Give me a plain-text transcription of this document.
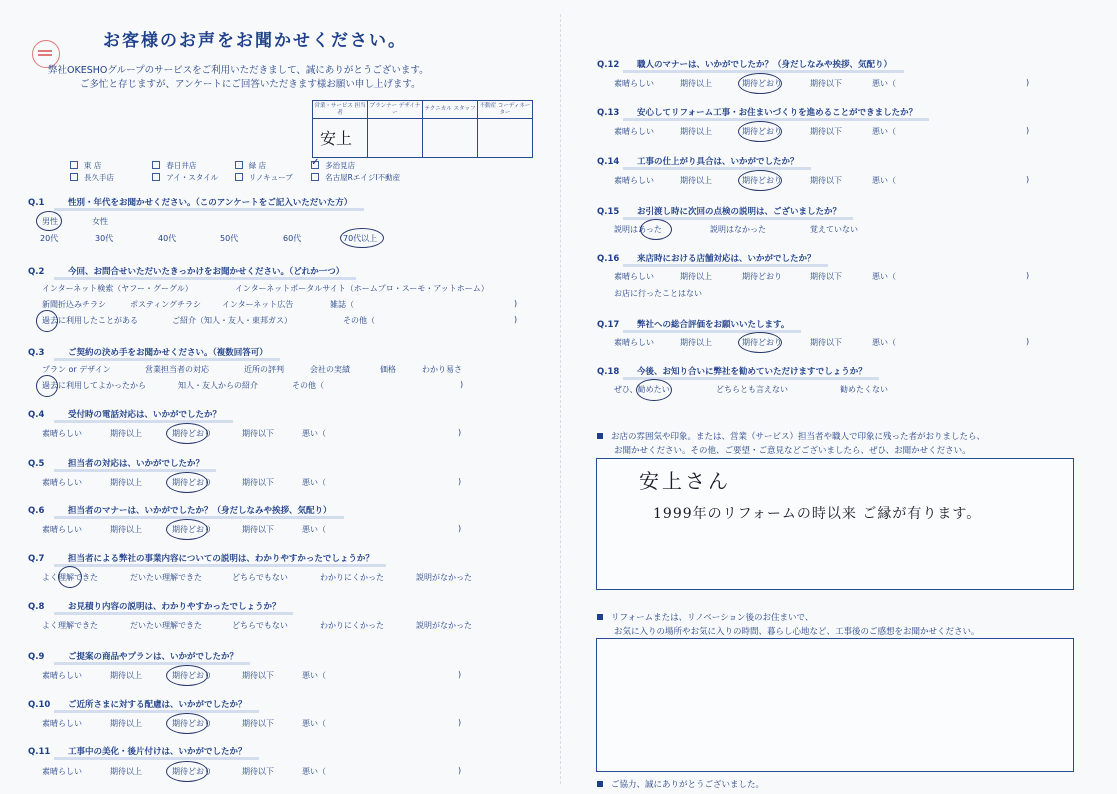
お客様のお声をお聞かせください。
弊社OKESHOグループのサービスをご利用いただきまして、誠にありがとうございます。
ご多忙と存じますが、アンケートにご回答いただきます様お願い申し上げます。
営業・サービス 担当者	プランナー デザイナー	テクニカル スタッフ	不動産 コーディネーター
安上			
東 店	春日井店	緑 店	✓ 多治見店
長久手店	アイ・スタイル	リノキューブ	名古屋RエイジI不動産
Q.1	性別・年代をお聞かせください。（このアンケートをご記入いただいた方）
男性	女性
20代	30代	40代	50代	60代	70代以上
Q.2	今回、お問合せいただいたきっかけをお聞かせください。（どれか一つ）
インターネット検索（ヤフー・グーグル）	インターネットポータルサイト（ホームプロ・スーモ・アットホーム）
新聞折込みチラシ	ポスティングチラシ	インターネット広告	雑誌（	)
過去に利用したことがある	ご紹介（知人・友人・東邦ガス）	その他（	)
Q.3	ご契約の決め手をお聞かせください。（複数回答可）
プラン or デザイン	営業担当者の対応	近所の評判	会社の実績	価格	わかり易さ
過去に利用してよかったから	知人・友人からの紹介	その他（	)
Q.4	受付時の電話対応は、いかがでしたか？
素晴らしい	期待以上	期待どおり	期待以下	悪い（	)
Q.5	担当者の対応は、いかがでしたか？
素晴らしい	期待以上	期待どおり	期待以下	悪い（	)
Q.6	担当者のマナーは、いかがでしたか？（身だしなみや挨拶、気配り）
素晴らしい	期待以上	期待どおり	期待以下	悪い（	)
Q.7	担当者による弊社の事業内容についての説明は、わかりやすかったでしょうか？
よく理解できた	だいたい理解できた	どちらでもない	わかりにくかった	説明がなかった
Q.8	お見積り内容の説明は、わかりやすかったでしょうか？
よく理解できた	だいたい理解できた	どちらでもない	わかりにくかった	説明がなかった
Q.9	ご提案の商品やプランは、いかがでしたか？
素晴らしい	期待以上	期待どおり	期待以下	悪い（	)
Q.10 ご近所さまに対する配慮は、いかがでしたか？
素晴らしい	期待以上	期待どおり	期待以下	悪い（	)
Q.11 工事中の美化・後片付けは、いかがでしたか？
素晴らしい	期待以上	期待どおり	期待以下	悪い（	)
Q.12 職人のマナーは、いかがでしたか？（身だしなみや挨拶、気配り）
素晴らしい	期待以上	期待どおり	期待以下	悪い（	)
Q.13 安心してリフォーム工事・お住まいづくりを進めることができましたか？
素晴らしい	期待以上	期待どおり	期待以下	悪い（	)
Q.14 工事の仕上がり具合は、いかがでしたか？
素晴らしい	期待以上	期待どおり	期待以下	悪い（	)
Q.15 お引渡し時に次回の点検の説明は、ございましたか？
説明はあった	説明はなかった	覚えていない
Q.16 来店時における店舗対応は、いかがでしたか？
素晴らしい	期待以上	期待どおり	期待以下	悪い（	)
お店に行ったことはない
Q.17 弊社への総合評価をお願いいたします。
素晴らしい	期待以上	期待どおり	期待以下	悪い（	)
Q.18 今後、お知り合いに弊社を勧めていただけますでしょうか？
ぜひ、勧めたい	どちらとも言えない	勧めたくない
お店の雰囲気や印象。または、営業（サービス）担当者や職人で印象に残った者がおりましたら、
お聞かせください。その他、ご要望・ご意見などございましたら、ぜひ、お聞かせください。
安上さん
1999年のリフォームの時以来 ご縁が有ります。
リフォームまたは、リノベーション後のお住まいで、
お気に入りの場所やお気に入りの時間、暮らし心地など、工事後のご感想をお聞かせください。
ご協力、誠にありがとうございました。
